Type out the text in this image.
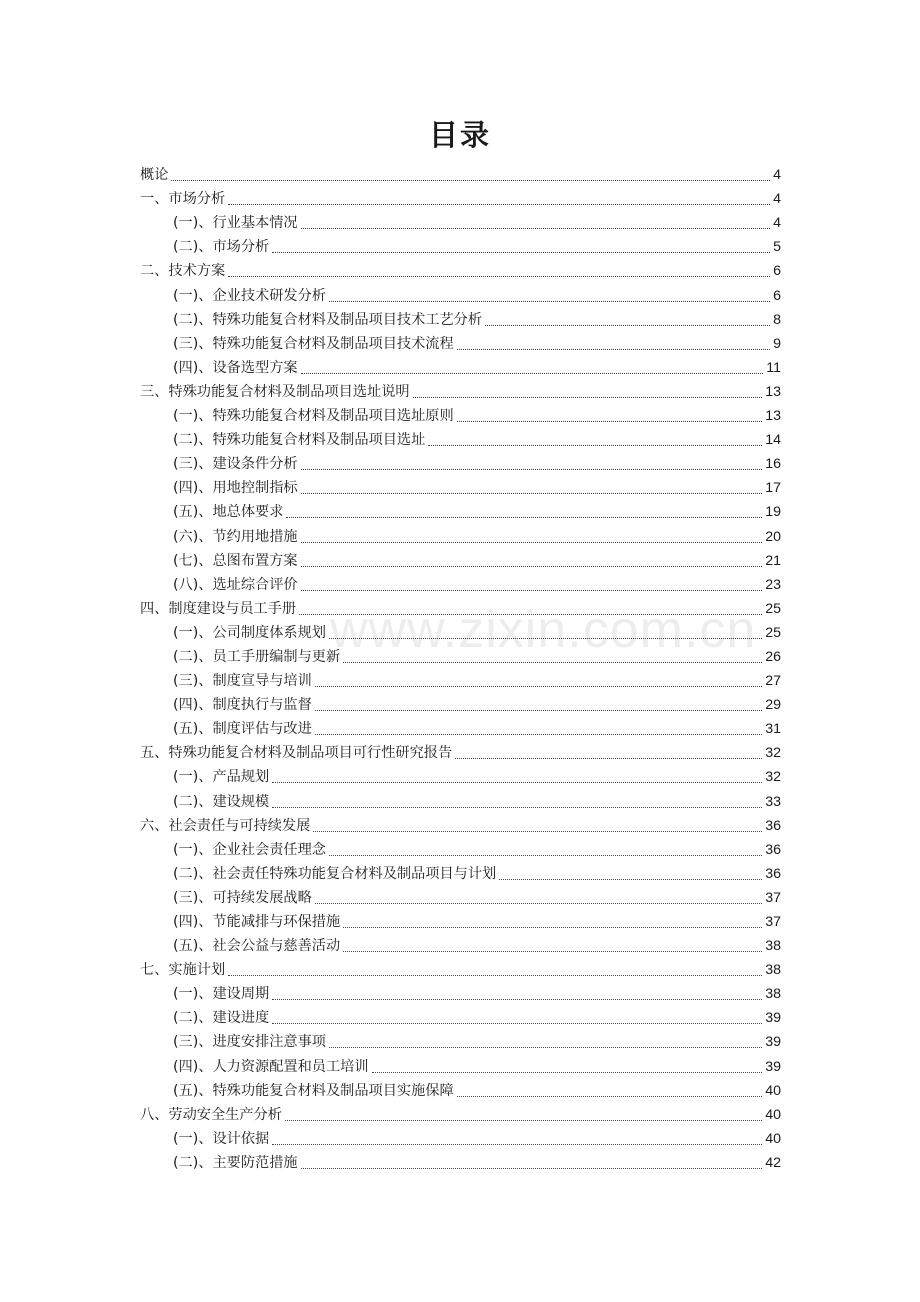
目录
www.zixin.com.cn
概论	4
一、市场分析	4
(一)、行业基本情况	4
(二)、市场分析	5
二、技术方案	6
(一)、企业技术研发分析	6
(二)、特殊功能复合材料及制品项目技术工艺分析	8
(三)、特殊功能复合材料及制品项目技术流程	9
(四)、设备选型方案	11
三、特殊功能复合材料及制品项目选址说明	13
(一)、特殊功能复合材料及制品项目选址原则	13
(二)、特殊功能复合材料及制品项目选址	14
(三)、建设条件分析	16
(四)、用地控制指标	17
(五)、地总体要求	19
(六)、节约用地措施	20
(七)、总图布置方案	21
(八)、选址综合评价	23
四、制度建设与员工手册	25
(一)、公司制度体系规划	25
(二)、员工手册编制与更新	26
(三)、制度宣导与培训	27
(四)、制度执行与监督	29
(五)、制度评估与改进	31
五、特殊功能复合材料及制品项目可行性研究报告	32
(一)、产品规划	32
(二)、建设规模	33
六、社会责任与可持续发展	36
(一)、企业社会责任理念	36
(二)、社会责任特殊功能复合材料及制品项目与计划	36
(三)、可持续发展战略	37
(四)、节能减排与环保措施	37
(五)、社会公益与慈善活动	38
七、实施计划	38
(一)、建设周期	38
(二)、建设进度	39
(三)、进度安排注意事项	39
(四)、人力资源配置和员工培训	39
(五)、特殊功能复合材料及制品项目实施保障	40
八、劳动安全生产分析	40
(一)、设计依据	40
(二)、主要防范措施	42
